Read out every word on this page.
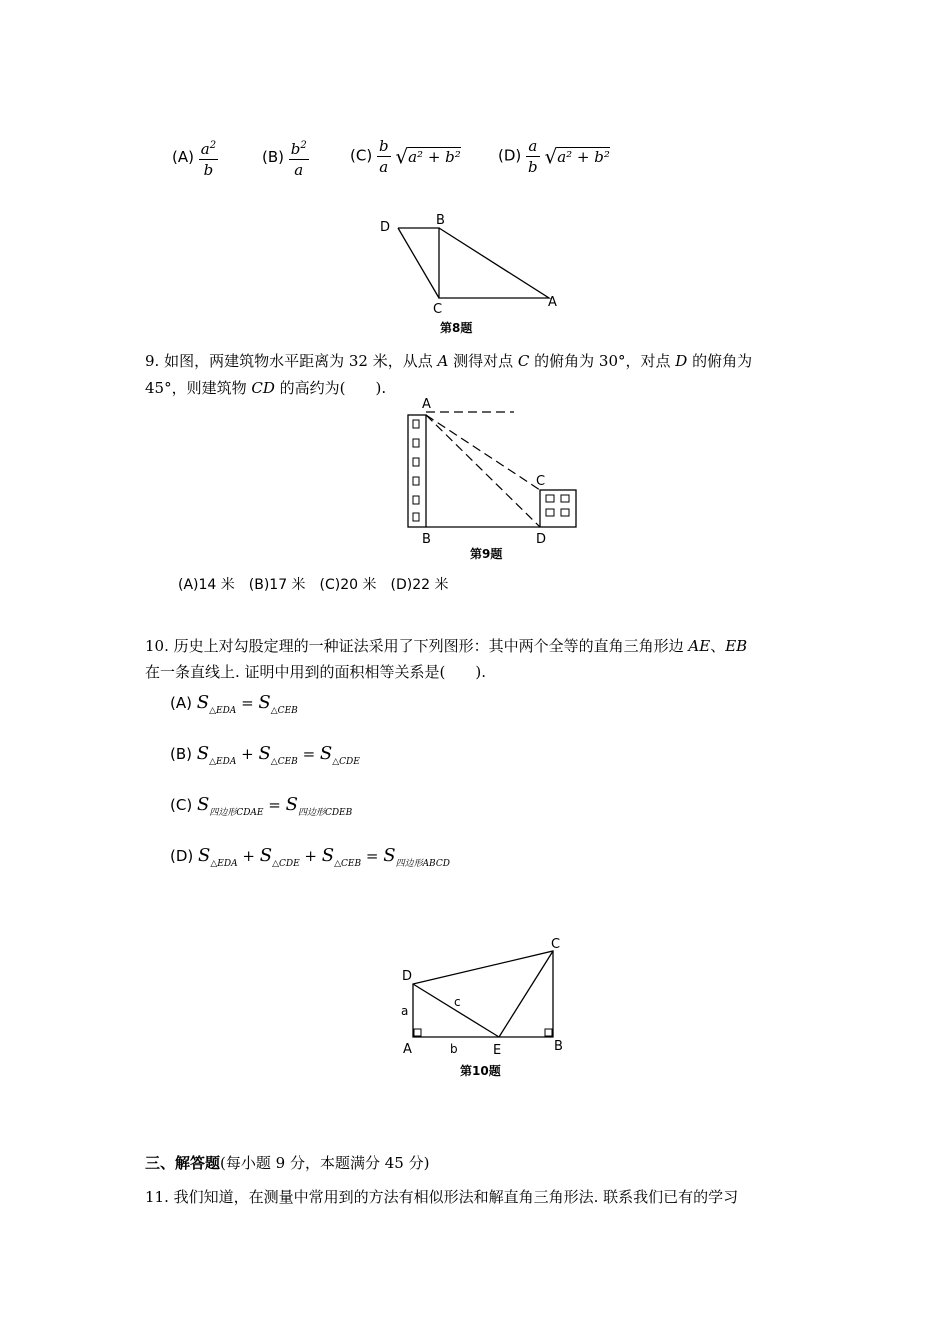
$(A) \frac{a^2}{b}$	$(B) \frac{b^2}{a}$	$(C) \frac{b}{a} √a^2 + b^2$ $(D) \frac{a}{b} √a^2 + b^2$
D	B
C	A
第8题
9. 如图，两建筑物水平距离为 32 米，从点 A 测得对点 C 的俯角为 30°，对点 D 的俯角为
45°，则建筑物 CD 的高约为(　　).
A
C
B	D
第9题
(A)14 米　(B)17 米　(C)20 米　(D)22 米
10. 历史上对勾股定理的一种证法采用了下列图形：其中两个全等的直角三角形边 AE、EB
在一条直线上. 证明中用到的面积相等关系是(　　).
(A) $S_{\triangle EDA} = S_{\triangle CEB}$
(B) $S_{\triangle EDA} + S_{\triangle CEB} = S_{\triangle CDE}$
(C) $S_{四边形CDAE} = S_{四边形CDEB}$
(D) $S_{\triangle EDA} + S_{\triangle CDE} + S_{\triangle CEB} = S_{四边形ABCD}$
C
D
c
a
A	b	E	B
第10题
三、解答题(每小题 9 分，本题满分 45 分)
11. 我们知道，在测量中常用到的方法有相似形法和解直角三角形法. 联系我们已有的学习
